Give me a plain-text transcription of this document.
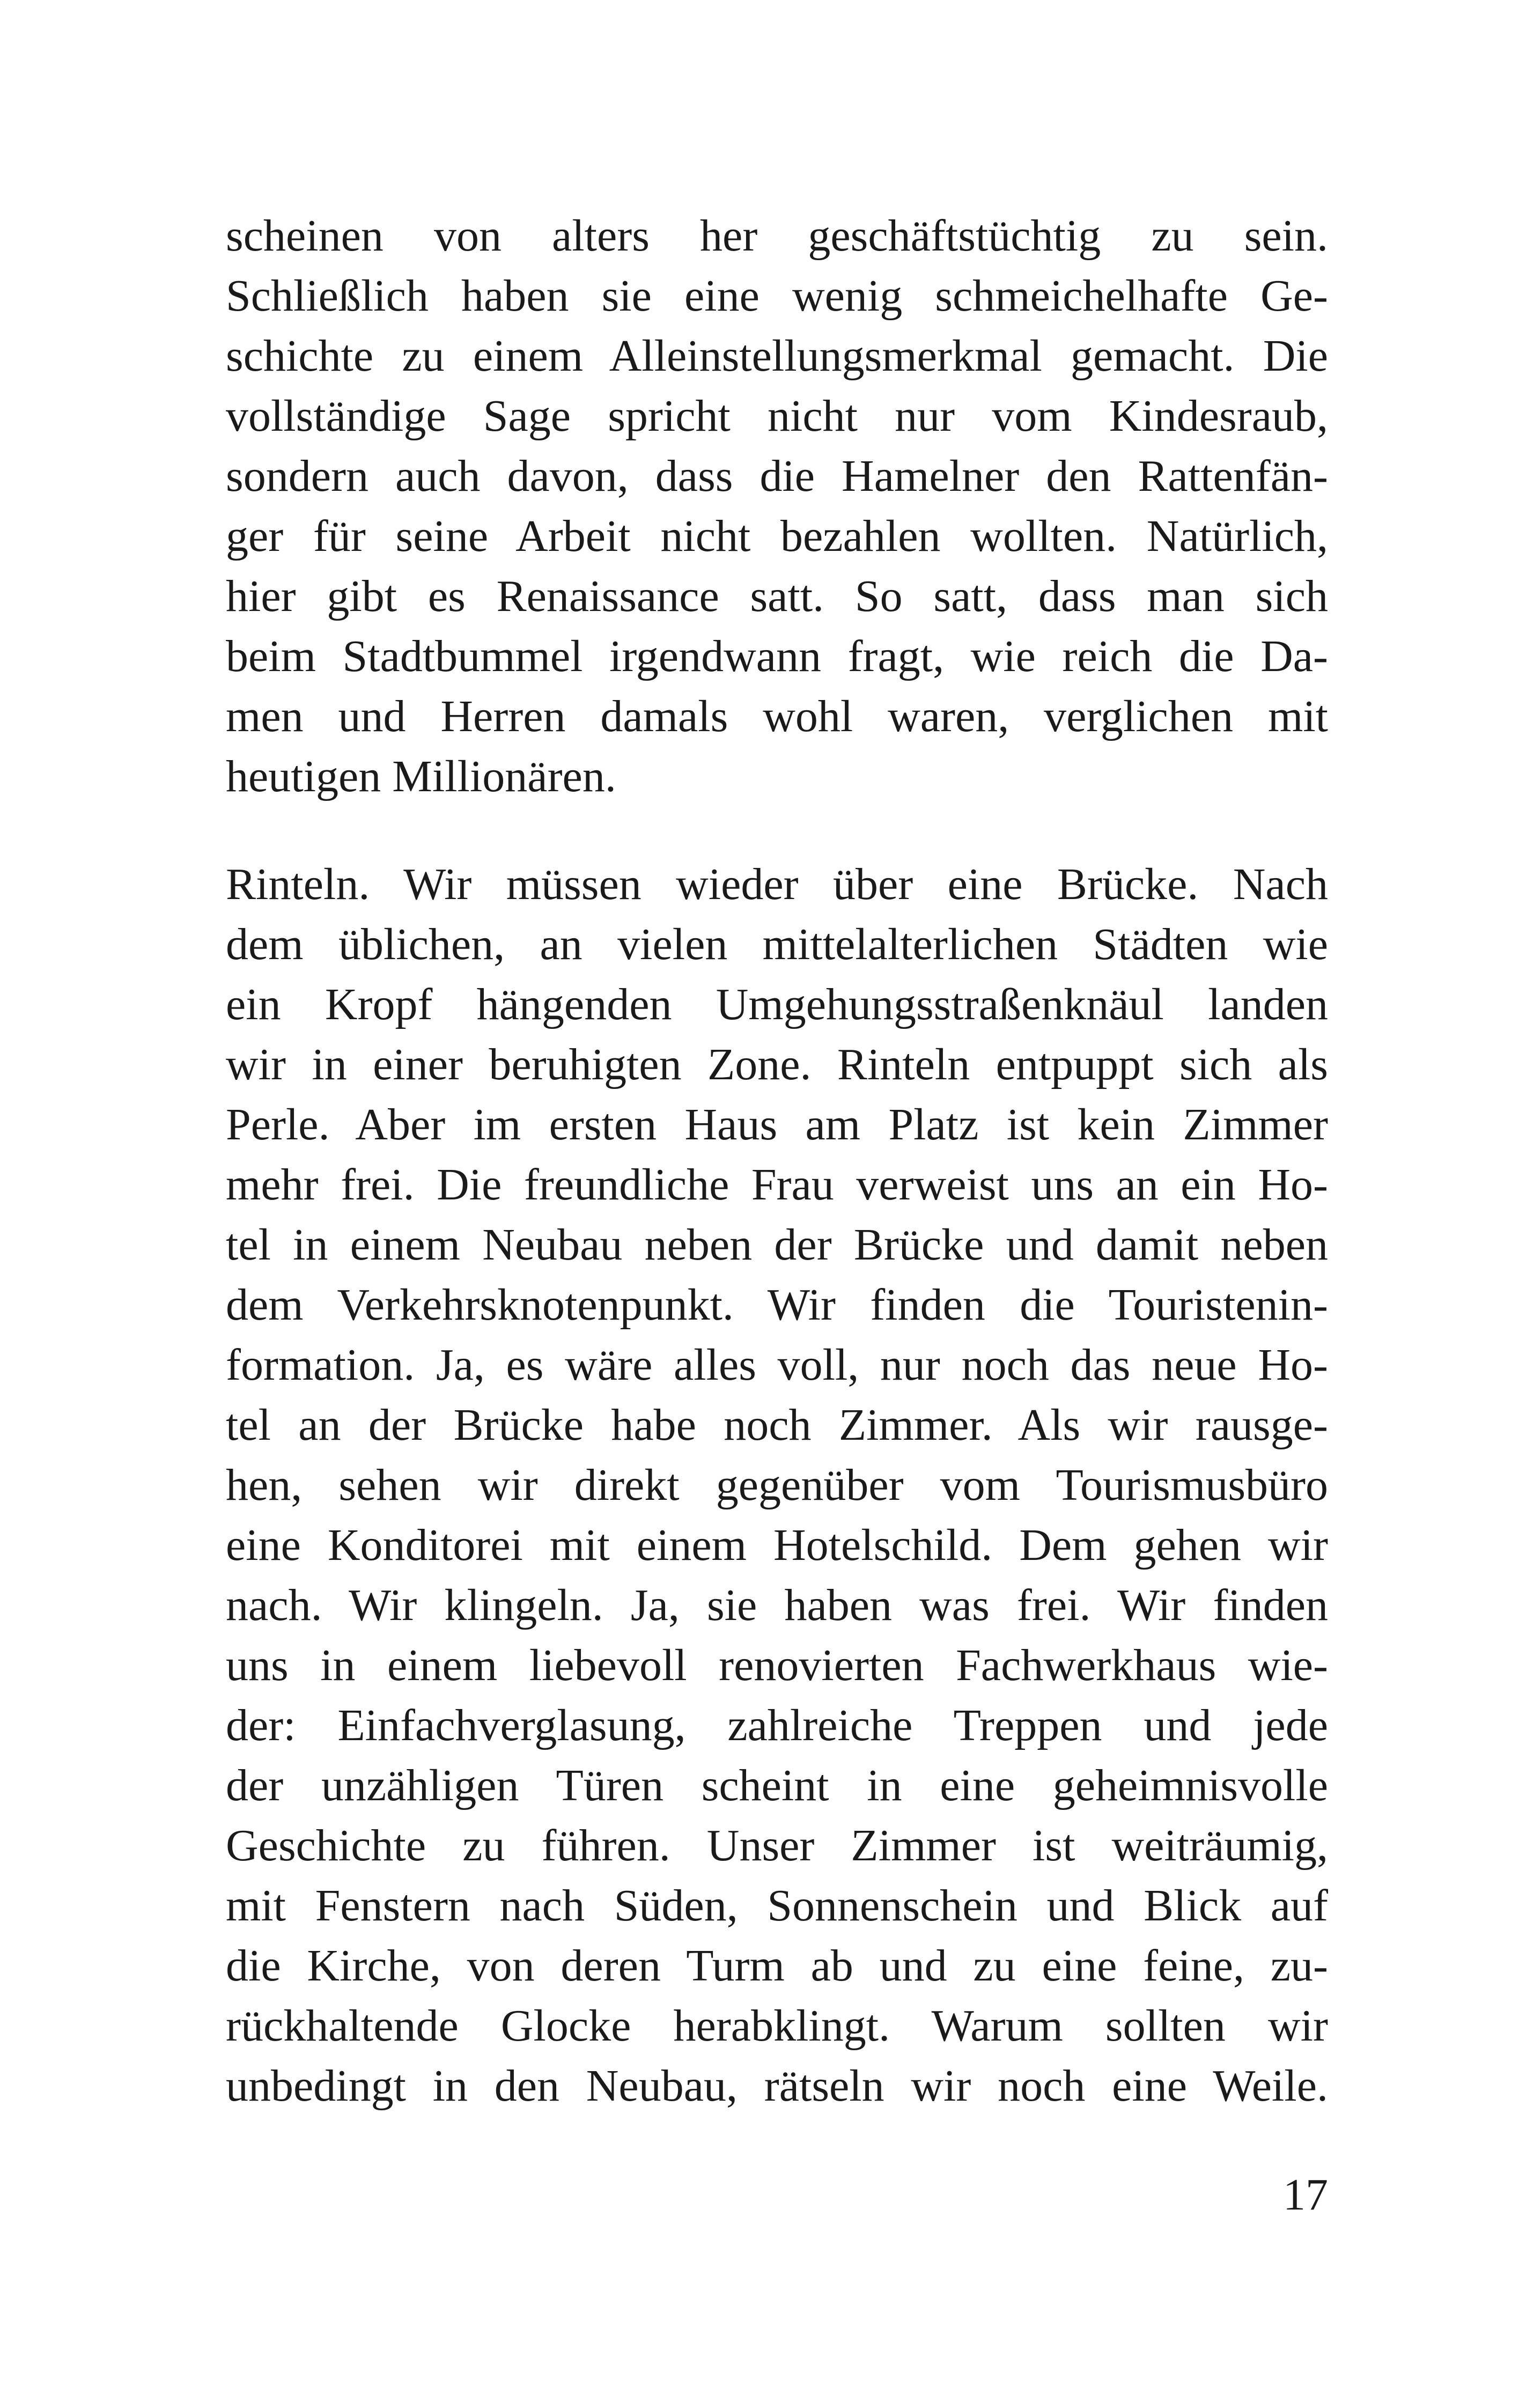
scheinen von alters her geschäftstüchtig zu sein.
Schließlich haben sie eine wenig schmeichelhafte Ge-
schichte zu einem Alleinstellungsmerkmal gemacht. Die
vollständige Sage spricht nicht nur vom Kindesraub,
sondern auch davon, dass die Hamelner den Rattenfän-
ger für seine Arbeit nicht bezahlen wollten. Natürlich,
hier gibt es Renaissance satt. So satt, dass man sich
beim Stadtbummel irgendwann fragt, wie reich die Da-
men und Herren damals wohl waren, verglichen mit
heutigen Millionären.
Rinteln. Wir müssen wieder über eine Brücke. Nach
dem üblichen, an vielen mittelalterlichen Städten wie
ein Kropf hängenden Umgehungsstraßenknäul landen
wir in einer beruhigten Zone. Rinteln entpuppt sich als
Perle. Aber im ersten Haus am Platz ist kein Zimmer
mehr frei. Die freundliche Frau verweist uns an ein Ho-
tel in einem Neubau neben der Brücke und damit neben
dem Verkehrsknotenpunkt. Wir finden die Touristenin-
formation. Ja, es wäre alles voll, nur noch das neue Ho-
tel an der Brücke habe noch Zimmer. Als wir rausge-
hen, sehen wir direkt gegenüber vom Tourismusbüro
eine Konditorei mit einem Hotelschild. Dem gehen wir
nach. Wir klingeln. Ja, sie haben was frei. Wir finden
uns in einem liebevoll renovierten Fachwerkhaus wie-
der: Einfachverglasung, zahlreiche Treppen und jede
der unzähligen Türen scheint in eine geheimnisvolle
Geschichte zu führen. Unser Zimmer ist weiträumig,
mit Fenstern nach Süden, Sonnenschein und Blick auf
die Kirche, von deren Turm ab und zu eine feine, zu-
rückhaltende Glocke herabklingt. Warum sollten wir
unbedingt in den Neubau, rätseln wir noch eine Weile.
17
